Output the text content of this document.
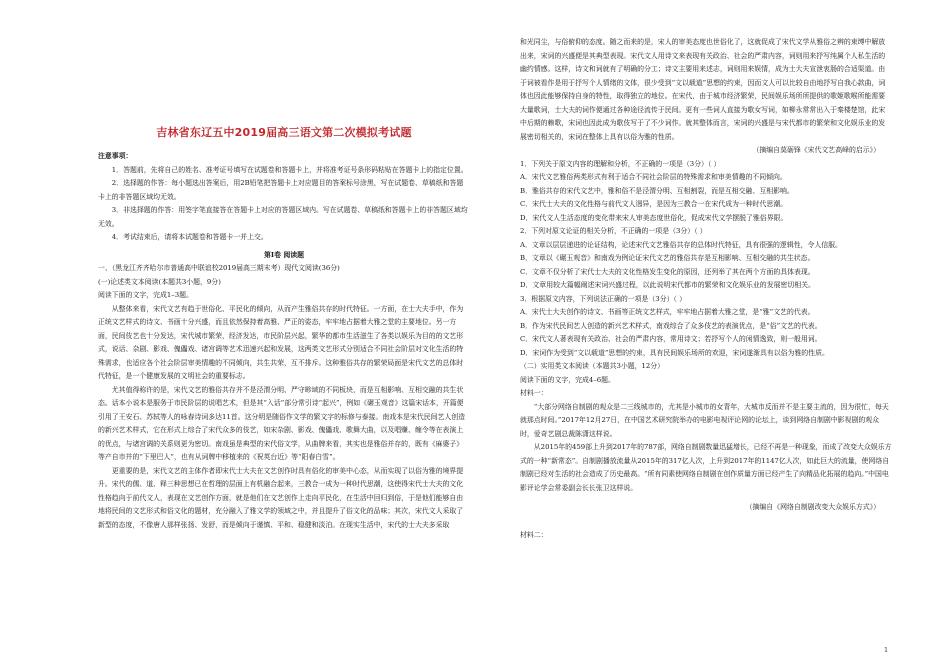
吉林省东辽五中2019届高三语文第二次模拟考试题

注意事项：

1．答题前，先将自己的姓名、准考证号填写在试题卷和答题卡上，并将准考证号条形码粘贴在答题卡上的指定位置。

2．选择题的作答：每小题选出答案后，用2B铅笔把答题卡上对应题目的答案标号涂黑，写在试题卷、草稿纸和答题卡上的非答题区域均无效。

3．非选择题的作答：用签字笔直接答在答题卡上对应的答题区域内。写在试题卷、草稿纸和答题卡上的非答题区域均无效。

4．考试结束后，请将本试题卷和答题卡一并上交。

第Ⅰ卷 阅读题

一、（黑龙江齐齐哈尔市普通高中联谊校2019届高三期末考）现代文阅读(36分)

(一)论述类文本阅读(本题共3小题，9分)

阅读下面的文字，完成1–3题。

从整体来看，宋代文艺有趋于世俗化、平民化的倾向，从而产生雅俗共存的时代特征。一方面，在士大夫手中，作为正统文艺样式的诗文、书画十分兴盛，而且依然保持着高雅、严正的姿态，牢牢地占据着大雅之堂的主要地位。另一方面，民间伎艺也十分发达，宋代城市繁荣，经济发达，市民阶层兴起，繁华的都市生活滋生了各类以娱乐为目的的文艺形式，说话、杂剧、影戏、傀儡戏、诸宫调等艺术迅速兴起和发展，这两类文艺形式分别适合不同社会阶层对文化生活的特殊需求，也适应各个社会阶层审美情趣的不同倾向，共生共荣，互不排斥。这种雅俗共存的繁荣局面是宋代文艺的总体时代特征，是一个健康发展的文明社会的重要标志。

尤其值得称许的是，宋代文艺的雅俗共存并不是泾渭分明、严守畛域的不同板块，而是互相影响、互相交融的共生状态。话本小说本是服务于市民阶层的说唱艺术，但是其“入话”部分常引诗“起兴”，例如《碾玉观音》这篇宋话本，开篇便引用了王安石、苏轼等人的咏春诗词多达11首。这分明是随俗作文学的繁文字的标修与泰接。南戏本是宋代民间艺人创造的新兴艺术样式，它在形式上综合了宋代众多的伎艺，如宋杂剧、影戏、傀儡戏、歌舞大曲，以及唱赚、缠令等在表演上的优点，与诸宫调的关系则更为密切。南戏虽是典型的宋代俗文学，从曲牌来看，其实也是雅俗并存的，既有《麻婆子》等产自市井的“下里巴人”，也有从词牌中移植来的《祝英台近》等“阳春白雪”。

更重要的是，宋代文艺的主体作者即宋代士大夫在文艺创作时具有俗化的审美中心态，从而实现了以俗为雅的境界提升。宋代的儒、道、释三种思想已在哲理的层面上有机融合起来，三教合一成为一种时代思潮，这使得宋代士大夫的文化性格趋向于前代文人，表现在文艺创作方面，就是他们在文艺创作上走向平民化，在生活中回归到俗，于是他们能够自由地将民间的文艺形式和俗文化的题材，充分融入了雅文学的领域之中，并且提升了俗文化的品味；其次，宋代文人采取了新型的态度，不像唐人那样张扬、发舒，而是倾向于谨慎、平和、稳健和淡泊。在现实生活中，宋代的士大夫多采取

和光同尘，与俗俯仰的态度。随之而来的是，宋人的审美态度也世俗化了，这就促成了宋代文学从雅俗之辨的束缚中解放出来，宋词的兴盛便是其典型表现。宋代文人用诗文来表现有关政治、社会的严肃内容，词则用来抒写纯属个人私生活的幽约情感。这样，诗文和词就有了明确的分工；诗文主要用来述志，词则用来娱情，成为士大夫宣泄衷肠的合适渠道。由于词被看作是用于抒写个人情绪的文体，很少受到“文以载道”思想的约束，因而文人可以比较自由地抒写自我心款曲，词体也因此能够保持自身的特性，取得独立的地位。在宋代，由于城市经济繁荣，民间娱乐场所所提供的歌姬歌喉所能需要大量歌词，士大夫的词作便通过各种途径流传于民间。更有一些词人直接为歌女写词，如柳永常常出入于秦楼楚馆，此宋中后期的赖歌，宋词也因此成为歌伎写于了不少词作。就其整体而言，宋词的兴盛是与宋代都市的繁荣和文化娱乐业的发展密切相关的，宋词在整体上具有以俗为雅的性质。

（摘编自莫砺锋《宋代文艺高峰的启示》）

1．下列关于原文内容的理解和分析，不正确的一项是（3分）（ ）

A．宋代文艺雅俗两类形式有利于适合不同社会阶层的特殊需求和审美情趣的不同倾向。

B．雅俗共存的宋代文艺中，雅和俗不是泾渭分明、互相割裂，而是互相交融、互相影响。

C．宋代士大夫的文化性格与前代文人迥异，是因为三教合一在宋代成为一种时代思潮。

D．宋代文人生活态度的变化带来宋人审美态度世俗化，促成宋代文学摆脱了雅俗界限。

2．下列对原文论证的相关分析，不正确的一项是（3分）（ ）

A．文章以层层递进的论证结构，论述宋代文艺雅俗共存的总体时代特征，具有很强的逻辑性，令人信服。

B．文章以《碾玉观音》和南戏为例论证宋代文艺的雅俗共存是互相影响、互相交融的共生状态。

C．文章不仅分析了宋代士大夫的文化性格发生变化的原因，还列举了其在两个方面的具体表现。

D．文章用较大篇幅阐述宋词兴盛过程，以此说明宋代都市的繁荣和文化娱乐业的发展密切相关。

3．根据原文内容，下列说法正确的一项是（3分）（ ）

A．宋代士大夫创作的诗文、书画等正统文艺样式，牢牢地占据着大雅之堂，是“雅”文艺的代表。

B．作为宋代民间艺人创造的新兴艺术样式，南戏综合了众多伎艺的表演优点，是“俗”文艺的代表。

C．宋代文人著表现有关政治、社会的严肃内容，常用诗文；若抒写个人的闲情逸致，则一般用词。

D．宋词作为受到“文以载道”思想的约束，具有民间娱乐场所的欢迎，宋词遂渐具有以俗为雅的性质。

（二）实用类文本阅读（本题共3小题，12分）

阅读下面的文字，完成4–6题。

材料一：

“大部分网络自制剧的观众是二三线城市的，尤其是小城市的女青年，大城市反而并不是主要主流的，因为很忙，每天就那点时间。”2017年12月27日，在中国艺术研究院举办的电影电视评论网的论坛上，谈到网络自制剧中影视剧的观众时，爱奇艺剧总裁陈潇这样说。

从2015年的459部上升到2017年的787部，网络自制剧数量迅猛增长，已经不再是一种现象，而成了改变大众娱乐方式的一种“新常态”。自制剧播放流量从2015年的317亿人次，上升到2017年的1147亿人次，如此巨大的流量，使网络自制剧已经对生活的社会造成了历史最高。“所有同素使网络自制剧在创作质量方面已经产生了向精品化拓展的趋向。”中国电影评论学会常委副会长长张卫这样说。

（摘编自《网络自制剧改变大众娱乐方式》）

材料二：

1
